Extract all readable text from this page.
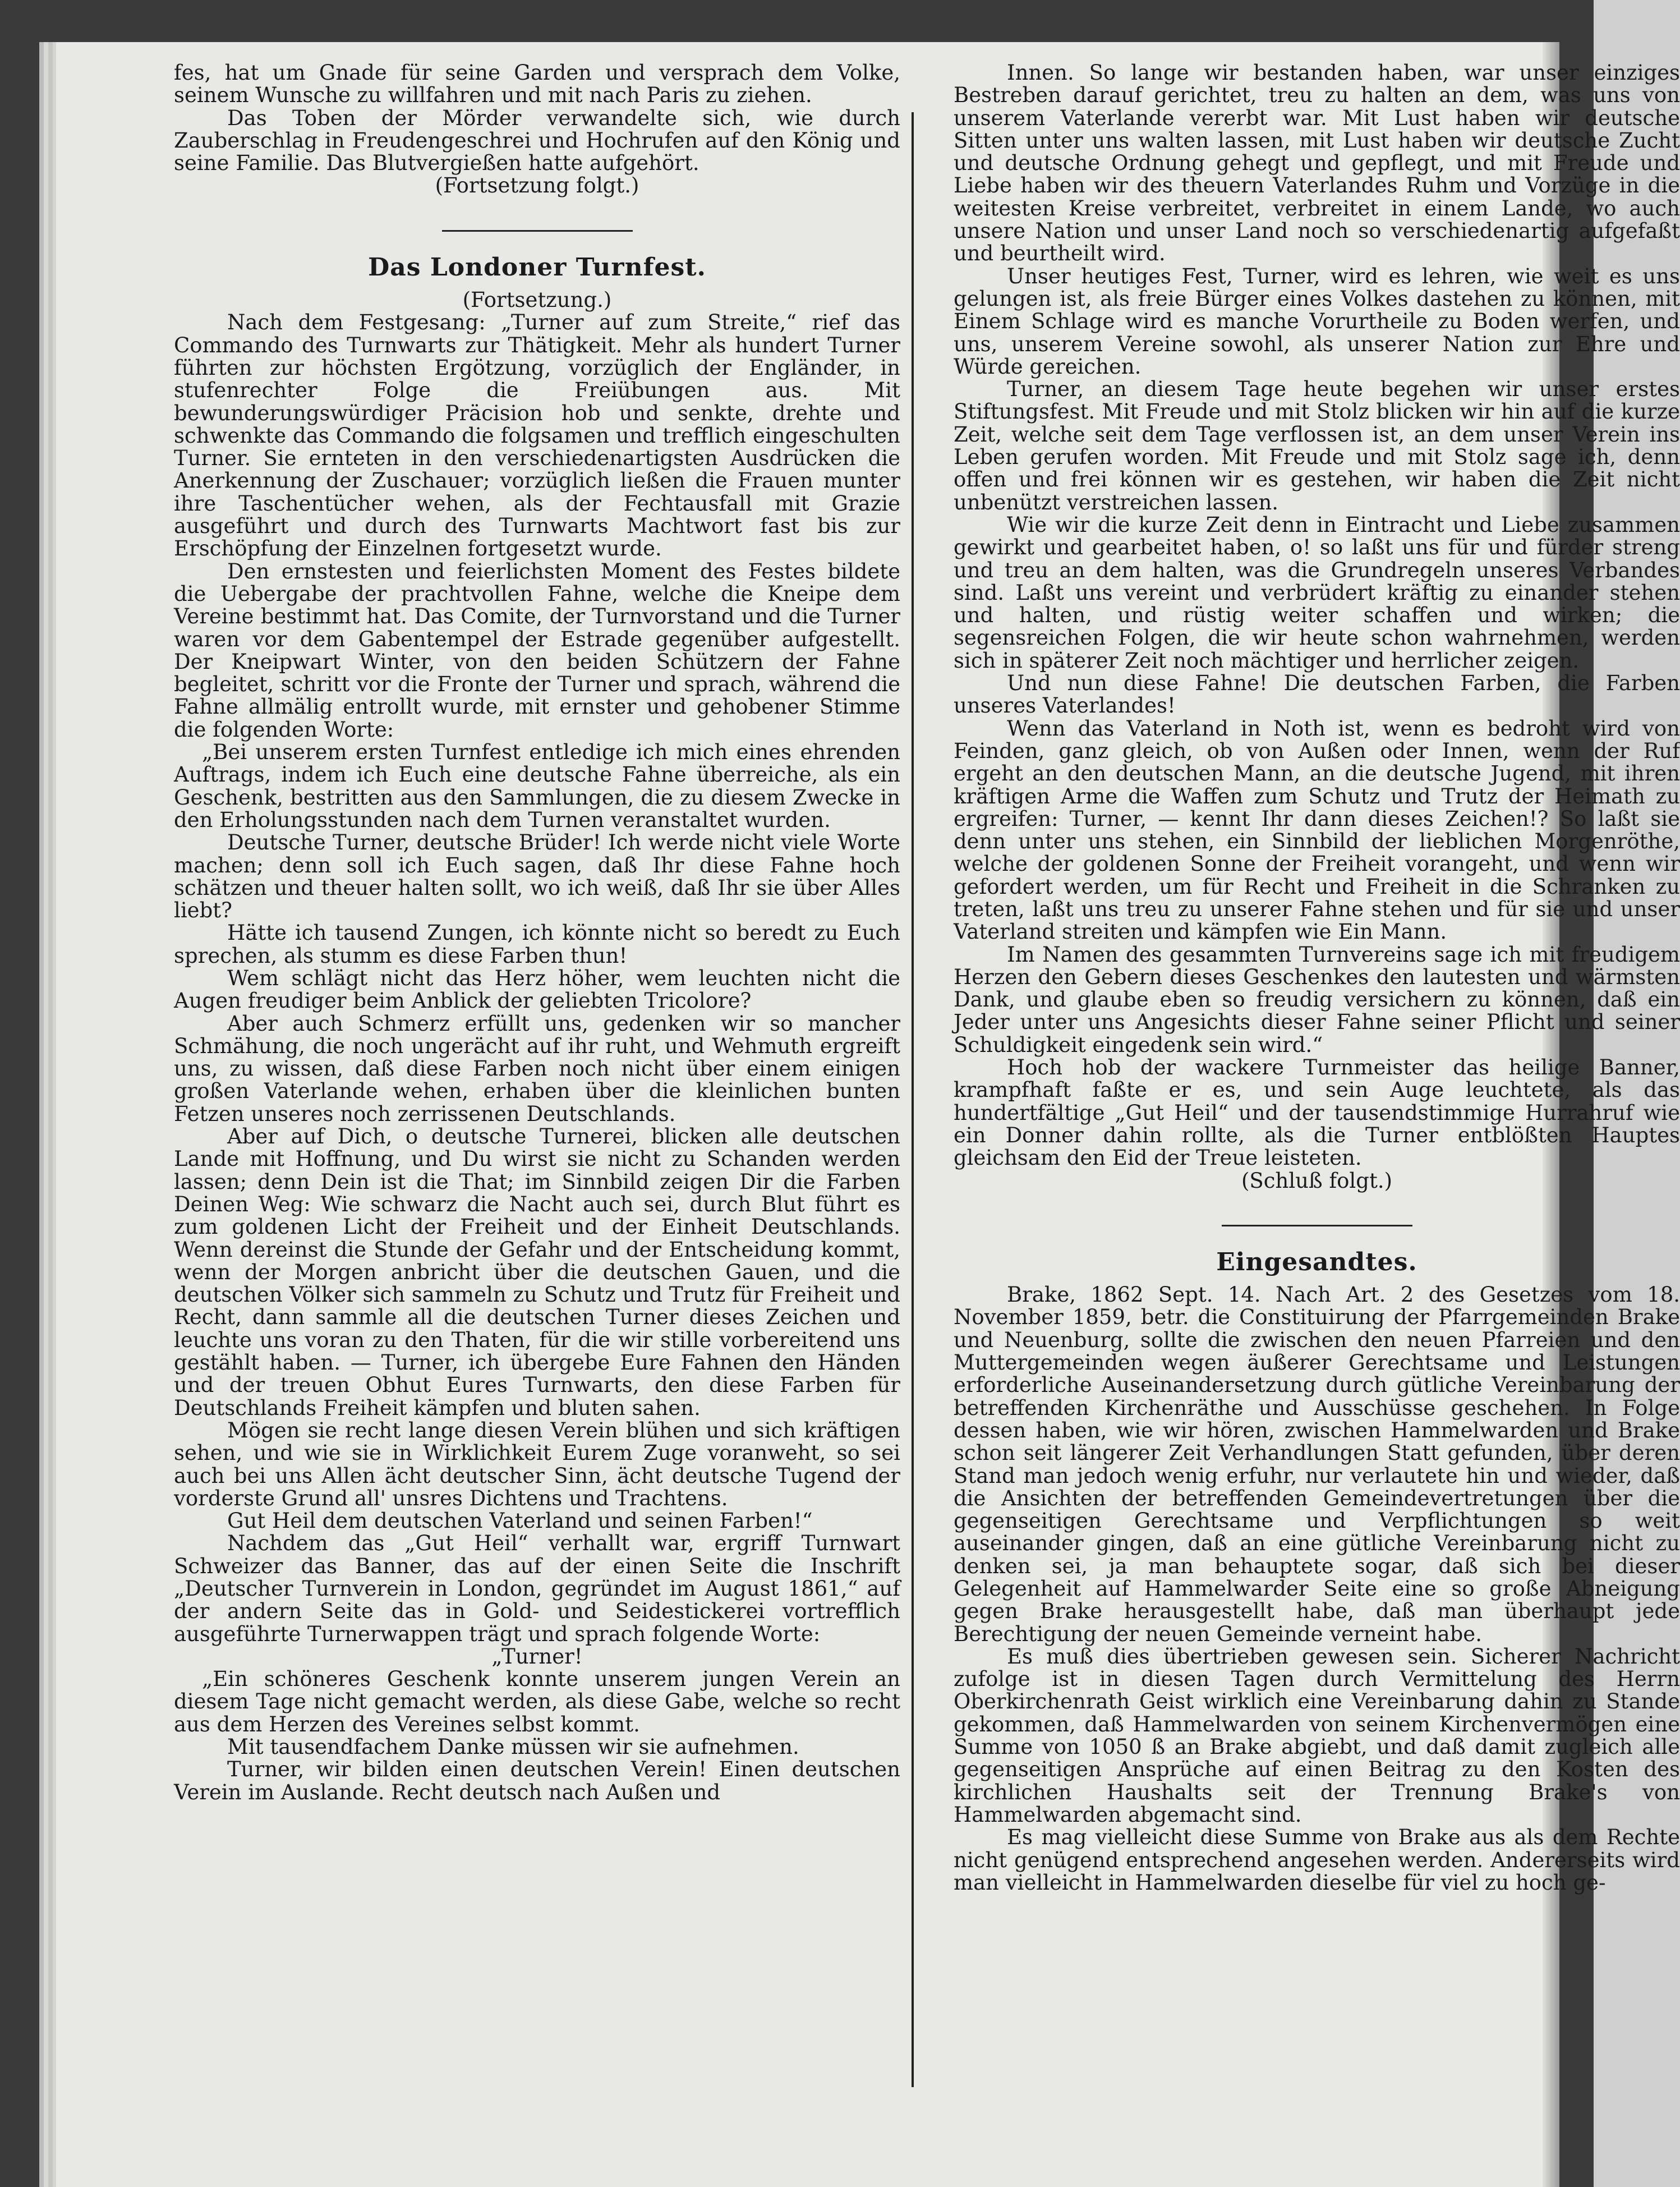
fes, hat um Gnade für seine Garden und versprach dem Volke, seinem Wunsche zu willfahren und mit nach Paris zu ziehen.

Das Toben der Mörder verwandelte sich, wie durch Zauberschlag in Freudengeschrei und Hochrufen auf den König und seine Familie. Das Blutvergießen hatte aufgehört.

(Fortsetzung folgt.)

Das Londoner Turnfest.

(Fortsetzung.)

Nach dem Festgesang: „Turner auf zum Streite,“ rief das Commando des Turnwarts zur Thätigkeit. Mehr als hundert Turner führten zur höchsten Ergötzung, vorzüglich der Engländer, in stufenrechter Folge die Freiübungen aus. Mit bewunderungswürdiger Präcision hob und senkte, drehte und schwenkte das Commando die folgsamen und trefflich eingeschulten Turner. Sie ernteten in den verschiedenartigsten Ausdrücken die Anerkennung der Zuschauer; vorzüglich ließen die Frauen munter ihre Taschentücher wehen, als der Fechtausfall mit Grazie ausgeführt und durch des Turnwarts Machtwort fast bis zur Erschöpfung der Einzelnen fortgesetzt wurde.

Den ernstesten und feierlichsten Moment des Festes bildete die Uebergabe der prachtvollen Fahne, welche die Kneipe dem Vereine bestimmt hat. Das Comite, der Turnvorstand und die Turner waren vor dem Gabentempel der Estrade gegenüber aufgestellt. Der Kneipwart Winter, von den beiden Schützern der Fahne begleitet, schritt vor die Fronte der Turner und sprach, während die Fahne allmälig entrollt wurde, mit ernster und gehobener Stimme die folgenden Worte:

„Bei unserem ersten Turnfest entledige ich mich eines ehrenden Auftrags, indem ich Euch eine deutsche Fahne überreiche, als ein Geschenk, bestritten aus den Sammlungen, die zu diesem Zwecke in den Erholungsstunden nach dem Turnen veranstaltet wurden.

Deutsche Turner, deutsche Brüder! Ich werde nicht viele Worte machen; denn soll ich Euch sagen, daß Ihr diese Fahne hoch schätzen und theuer halten sollt, wo ich weiß, daß Ihr sie über Alles liebt?

Hätte ich tausend Zungen, ich könnte nicht so beredt zu Euch sprechen, als stumm es diese Farben thun!

Wem schlägt nicht das Herz höher, wem leuchten nicht die Augen freudiger beim Anblick der geliebten Tricolore?

Aber auch Schmerz erfüllt uns, gedenken wir so mancher Schmähung, die noch ungerächt auf ihr ruht, und Wehmuth ergreift uns, zu wissen, daß diese Farben noch nicht über einem einigen großen Vaterlande wehen, erhaben über die kleinlichen bunten Fetzen unseres noch zerrissenen Deutschlands.

Aber auf Dich, o deutsche Turnerei, blicken alle deutschen Lande mit Hoffnung, und Du wirst sie nicht zu Schanden werden lassen; denn Dein ist die That; im Sinnbild zeigen Dir die Farben Deinen Weg: Wie schwarz die Nacht auch sei, durch Blut führt es zum goldenen Licht der Freiheit und der Einheit Deutschlands. Wenn dereinst die Stunde der Gefahr und der Entscheidung kommt, wenn der Morgen anbricht über die deutschen Gauen, und die deutschen Völker sich sammeln zu Schutz und Trutz für Freiheit und Recht, dann sammle all die deutschen Turner dieses Zeichen und leuchte uns voran zu den Thaten, für die wir stille vorbereitend uns gestählt haben. — Turner, ich übergebe Eure Fahnen den Händen und der treuen Obhut Eures Turnwarts, den diese Farben für Deutschlands Freiheit kämpfen und bluten sahen.

Mögen sie recht lange diesen Verein blühen und sich kräftigen sehen, und wie sie in Wirklichkeit Eurem Zuge voranweht, so sei auch bei uns Allen ächt deutscher Sinn, ächt deutsche Tugend der vorderste Grund all' unsres Dichtens und Trachtens.

Gut Heil dem deutschen Vaterland und seinen Farben!“

Nachdem das „Gut Heil“ verhallt war, ergriff Turnwart Schweizer das Banner, das auf der einen Seite die Inschrift „Deutscher Turnverein in London, gegründet im August 1861,“ auf der andern Seite das in Gold- und Seidestickerei vortrefflich ausgeführte Turnerwappen trägt und sprach folgende Worte:

„Turner!

„Ein schöneres Geschenk konnte unserem jungen Verein an diesem Tage nicht gemacht werden, als diese Gabe, welche so recht aus dem Herzen des Vereines selbst kommt.

Mit tausendfachem Danke müssen wir sie aufnehmen.

Turner, wir bilden einen deutschen Verein! Einen deutschen Verein im Auslande. Recht deutsch nach Außen und

Innen. So lange wir bestanden haben, war unser einziges Bestreben darauf gerichtet, treu zu halten an dem, was uns von unserem Vaterlande vererbt war. Mit Lust haben wir deutsche Sitten unter uns walten lassen, mit Lust haben wir deutsche Zucht und deutsche Ordnung gehegt und gepflegt, und mit Freude und Liebe haben wir des theuern Vaterlandes Ruhm und Vorzüge in die weitesten Kreise verbreitet, verbreitet in einem Lande, wo auch unsere Nation und unser Land noch so verschiedenartig aufgefaßt und beurtheilt wird.

Unser heutiges Fest, Turner, wird es lehren, wie weit es uns gelungen ist, als freie Bürger eines Volkes dastehen zu können, mit Einem Schlage wird es manche Vorurtheile zu Boden werfen, und uns, unserem Vereine sowohl, als unserer Nation zur Ehre und Würde gereichen.

Turner, an diesem Tage heute begehen wir unser erstes Stiftungsfest. Mit Freude und mit Stolz blicken wir hin auf die kurze Zeit, welche seit dem Tage verflossen ist, an dem unser Verein ins Leben gerufen worden. Mit Freude und mit Stolz sage ich, denn offen und frei können wir es gestehen, wir haben die Zeit nicht unbenützt verstreichen lassen.

Wie wir die kurze Zeit denn in Eintracht und Liebe zusammen gewirkt und gearbeitet haben, o! so laßt uns für und fürder streng und treu an dem halten, was die Grundregeln unseres Verbandes sind. Laßt uns vereint und verbrüdert kräftig zu einander stehen und halten, und rüstig weiter schaffen und wirken; die segensreichen Folgen, die wir heute schon wahrnehmen, werden sich in späterer Zeit noch mächtiger und herrlicher zeigen.

Und nun diese Fahne! Die deutschen Farben, die Farben unseres Vaterlandes!

Wenn das Vaterland in Noth ist, wenn es bedroht wird von Feinden, ganz gleich, ob von Außen oder Innen, wenn der Ruf ergeht an den deutschen Mann, an die deutsche Jugend, mit ihren kräftigen Arme die Waffen zum Schutz und Trutz der Heimath zu ergreifen: Turner, — kennt Ihr dann dieses Zeichen!? So laßt sie denn unter uns stehen, ein Sinnbild der lieblichen Morgenröthe, welche der goldenen Sonne der Freiheit vorangeht, und wenn wir gefordert werden, um für Recht und Freiheit in die Schranken zu treten, laßt uns treu zu unserer Fahne stehen und für sie und unser Vaterland streiten und kämpfen wie Ein Mann.

Im Namen des gesammten Turnvereins sage ich mit freudigem Herzen den Gebern dieses Geschenkes den lautesten und wärmsten Dank, und glaube eben so freudig versichern zu können, daß ein Jeder unter uns Angesichts dieser Fahne seiner Pflicht und seiner Schuldigkeit eingedenk sein wird.“

Hoch hob der wackere Turnmeister das heilige Banner, krampfhaft faßte er es, und sein Auge leuchtete, als das hundertfältige „Gut Heil“ und der tausendstimmige Hurrahruf wie ein Donner dahin rollte, als die Turner entblößten Hauptes gleichsam den Eid der Treue leisteten.

(Schluß folgt.)

Eingesandtes.

Brake, 1862 Sept. 14. Nach Art. 2 des Gesetzes vom 18. November 1859, betr. die Constituirung der Pfarrgemeinden Brake und Neuenburg, sollte die zwischen den neuen Pfarreien und den Muttergemeinden wegen äußerer Gerechtsame und Leistungen erforderliche Auseinandersetzung durch gütliche Vereinbarung der betreffenden Kirchenräthe und Ausschüsse geschehen. In Folge dessen haben, wie wir hören, zwischen Hammelwarden und Brake schon seit längerer Zeit Verhandlungen Statt gefunden, über deren Stand man jedoch wenig erfuhr, nur verlautete hin und wieder, daß die Ansichten der betreffenden Gemeindevertretungen über die gegenseitigen Gerechtsame und Verpflichtungen so weit auseinander gingen, daß an eine gütliche Vereinbarung nicht zu denken sei, ja man behauptete sogar, daß sich bei dieser Gelegenheit auf Hammelwarder Seite eine so große Abneigung gegen Brake herausgestellt habe, daß man überhaupt jede Berechtigung der neuen Gemeinde verneint habe.

Es muß dies übertrieben gewesen sein. Sicherer Nachricht zufolge ist in diesen Tagen durch Vermittelung des Herrn Oberkirchenrath Geist wirklich eine Vereinbarung dahin zu Stande gekommen, daß Hammelwarden von seinem Kirchenvermögen eine Summe von 1050 ß an Brake abgiebt, und daß damit zugleich alle gegenseitigen Ansprüche auf einen Beitrag zu den Kosten des kirchlichen Haushalts seit der Trennung Brake's von Hammelwarden abgemacht sind.

Es mag vielleicht diese Summe von Brake aus als dem Rechte nicht genügend entsprechend angesehen werden. Andererseits wird man vielleicht in Hammelwarden dieselbe für viel zu hoch ge-
